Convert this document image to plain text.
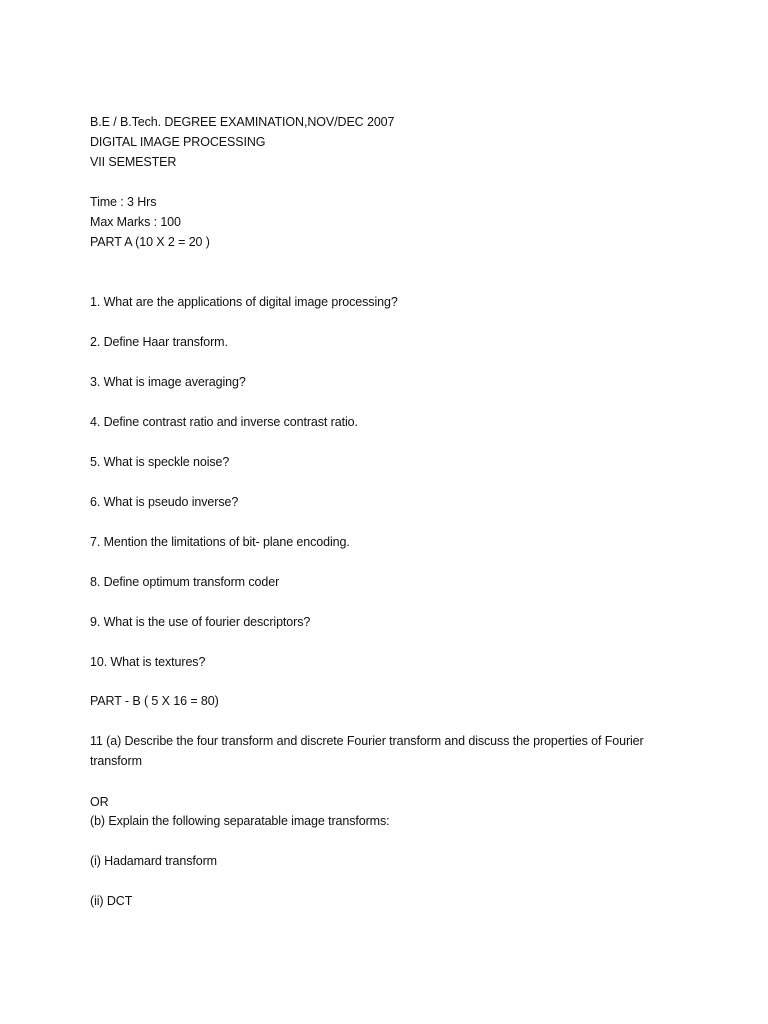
B.E / B.Tech. DEGREE EXAMINATION,NOV/DEC 2007
DIGITAL IMAGE PROCESSING
VII SEMESTER
Time : 3 Hrs
Max Marks : 100
PART A (10 X 2 = 20 )
1. What are the applications of digital image processing?
2. Define Haar transform.
3. What is image averaging?
4. Define contrast ratio and inverse contrast ratio.
5. What is speckle noise?
6. What is pseudo inverse?
7. Mention the limitations of bit- plane encoding.
8. Define optimum transform coder
9. What is the use of fourier descriptors?
10. What is textures?
PART - B ( 5 X 16 = 80)
11 (a) Describe the four transform and discrete Fourier transform and discuss the properties of Fourier transform
OR
(b) Explain the following separatable image transforms:
(i) Hadamard transform
(ii) DCT
